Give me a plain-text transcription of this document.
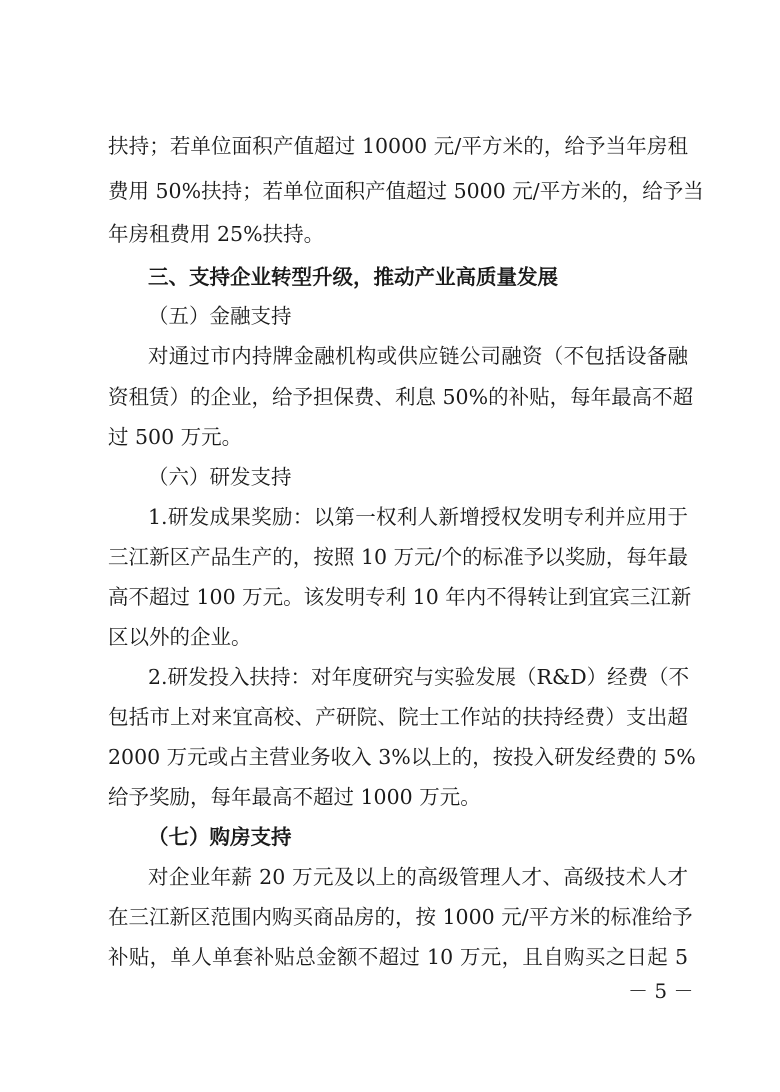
扶持；若单位面积产值超过 10000 元/平方米的，给予当年房租
费用 50%扶持；若单位面积产值超过 5000 元/平方米的，给予当
年房租费用 25%扶持。
三、支持企业转型升级，推动产业高质量发展
（五）金融支持
对通过市内持牌金融机构或供应链公司融资（不包括设备融
资租赁）的企业，给予担保费、利息 50%的补贴，每年最高不超
过 500 万元。
（六）研发支持
1.研发成果奖励：以第一权利人新增授权发明专利并应用于
三江新区产品生产的，按照 10 万元/个的标准予以奖励，每年最
高不超过 100 万元。该发明专利 10 年内不得转让到宜宾三江新
区以外的企业。
2.研发投入扶持：对年度研究与实验发展（R&D）经费（不
包括市上对来宜高校、产研院、院士工作站的扶持经费）支出超
2000 万元或占主营业务收入 3%以上的，按投入研发经费的 5%
给予奖励，每年最高不超过 1000 万元。
（七）购房支持
对企业年薪 20 万元及以上的高级管理人才、高级技术人才
在三江新区范围内购买商品房的，按 1000 元/平方米的标准给予
补贴，单人单套补贴总金额不超过 10 万元，且自购买之日起 5
－ 5 －
